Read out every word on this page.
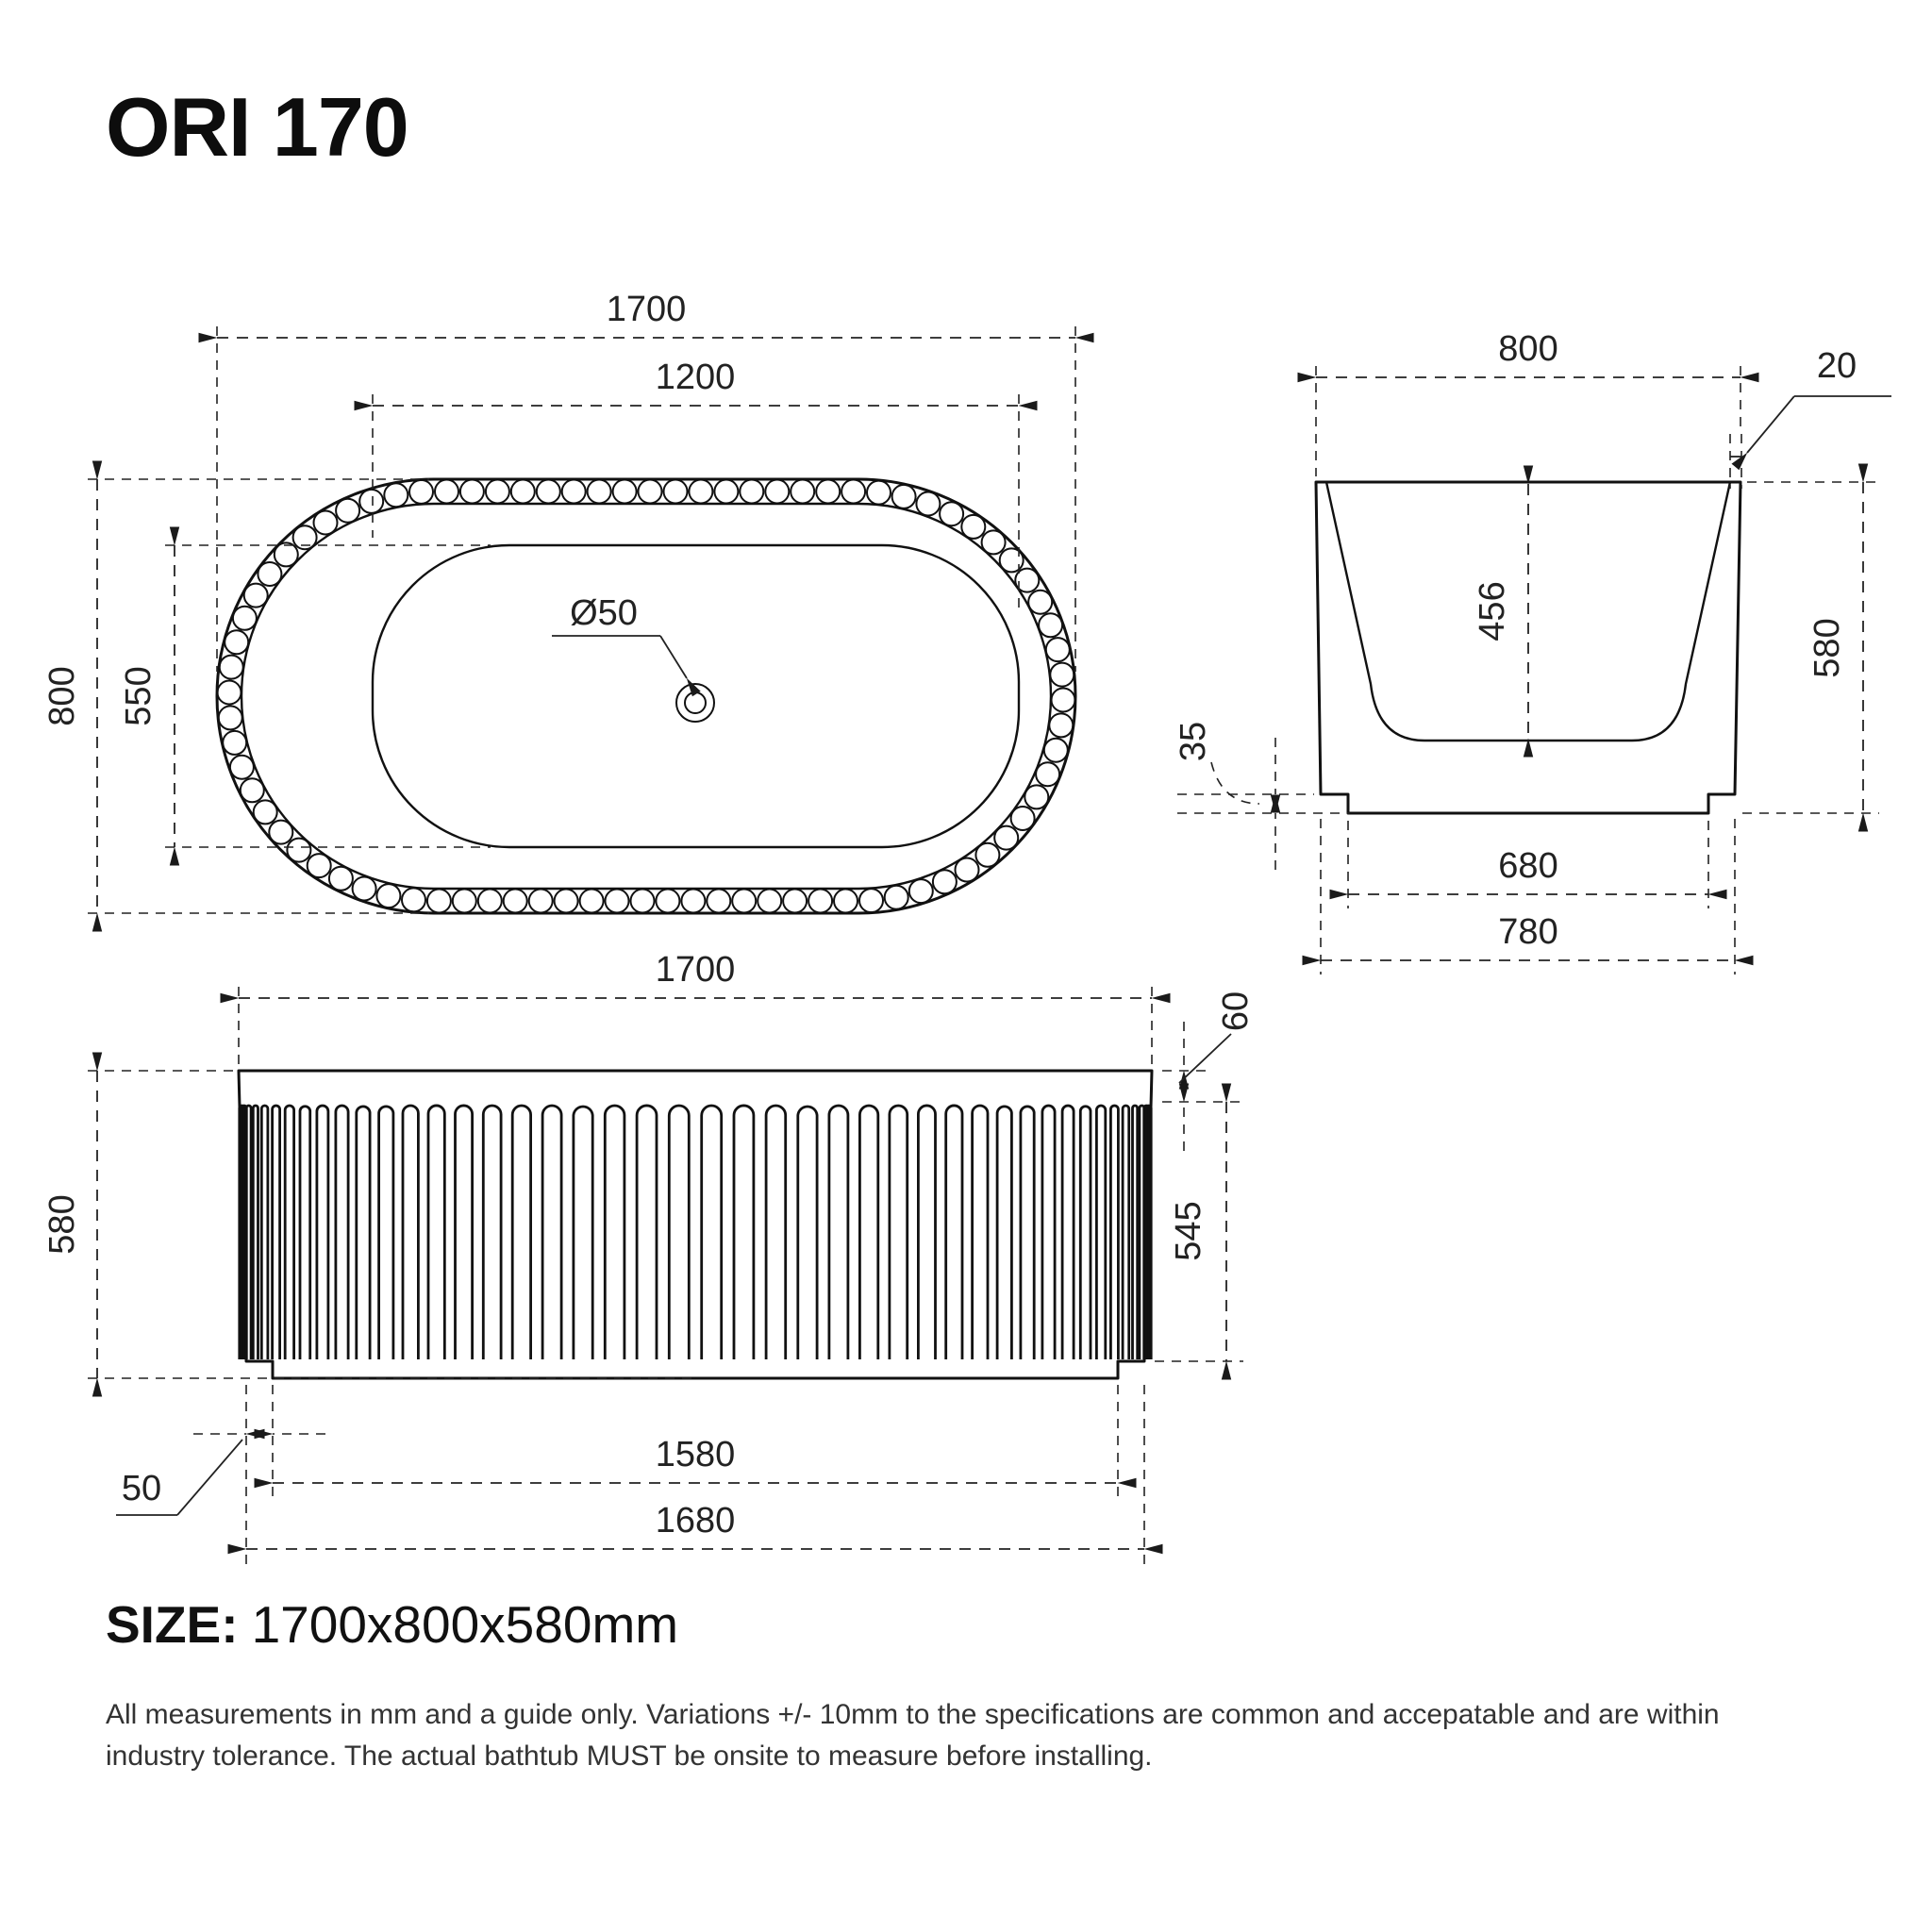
ORI 170
Ø50
1700
1200
800 550
800	20
456
580
35
680
780
1700
580
60
545
50
1580
1680
SIZE: 1700x800x580mm
All measurements in mm and a guide only. Variations +/- 10mm to the specifications are common and accepatable and are within
industry tolerance. The actual bathtub MUST be onsite to measure before installing.
